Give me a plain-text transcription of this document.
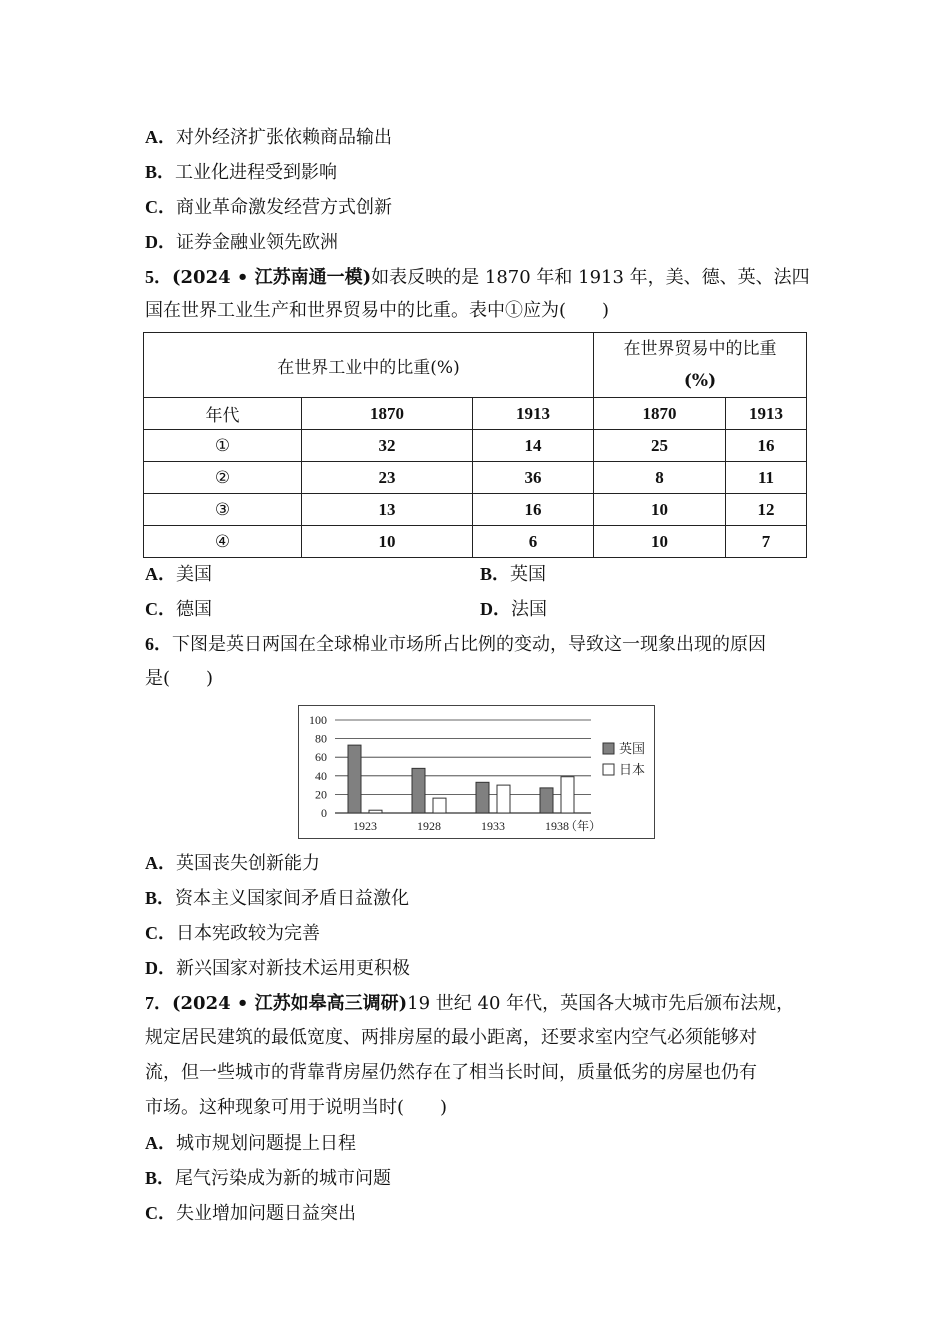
A．对外经济扩张依赖商品输出
B．工业化进程受到影响
C．商业革命激发经营方式创新
D．证券金融业领先欧洲
5．(2024 • 江苏南通一模)如表反映的是 1870 年和 1913 年，美、德、英、法四
国在世界工业生产和世界贸易中的比重。表中①应为(　　)
在世界工业中的比重(%)			在世界贸易中的比重
(%)	
年代	1870	1913	1870	1913
①	32	14	25	16
②	23	36	8	11
③	13	16	10	12
④	10	6	10	7
A．美国	B．英国
C．德国	D．法国
6．下图是英日两国在全球棉业市场所占比例的变动，导致这一现象出现的原因
是(　　)
100
80
60
40
20
0
1923	1928	1933	1938
（年）
英国
日本
A．英国丧失创新能力
B．资本主义国家间矛盾日益激化
C．日本宪政较为完善
D．新兴国家对新技术运用更积极
7．(2024 • 江苏如皋高三调研)19 世纪 40 年代，英国各大城市先后颁布法规，
规定居民建筑的最低宽度、两排房屋的最小距离，还要求室内空气必须能够对
流，但一些城市的背靠背房屋仍然存在了相当长时间，质量低劣的房屋也仍有
市场。这种现象可用于说明当时(　　)
A．城市规划问题提上日程
B．尾气污染成为新的城市问题
C．失业增加问题日益突出
